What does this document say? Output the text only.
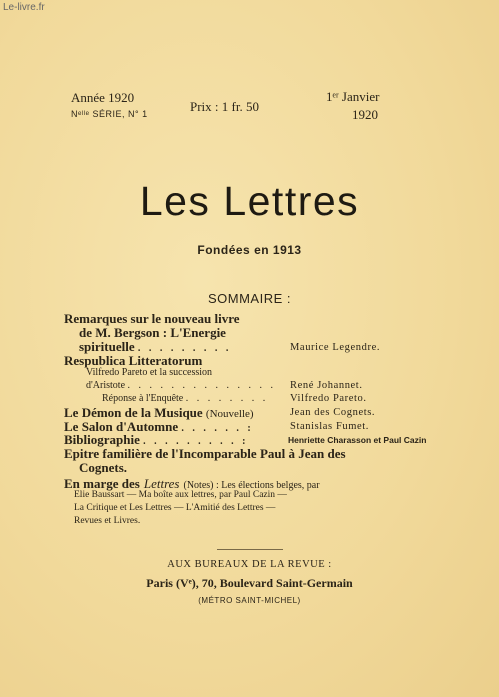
Le-livre.fr
Année 1920
Nᵉˡˡᵉ SÉRIE, N° 1	Prix : 1 fr. 50
1ᵉʳ Janvier
1920
Les Lettres
Fondées en 1913
SOMMAIRE :
Remarques sur le nouveau livre
de M. Bergson : L'Energie
spirituelle . . . . . . . . .	Maurice Legendre.
Respublica Litteratorum
Vilfredo Pareto et la succession
d'Aristote . . . . . . . . . . . . . . René Johannet.
Réponse à l'Enquête . . . . . . . . Vilfredo Pareto.
Le Démon de la Musique (Nouvelle)	Jean des Cognets.
Le Salon d'Automne . . . . . . :	Stanislas Fumet.
Bibliographie . . . . . . . . . :	Henriette Charasson et Paul Cazin
Epitre familière de l'Incomparable Paul à Jean des
Cognets.
En marge des Lettres (Notes) : Les élections belges, par
Elie Baussart — Ma boîte aux lettres, par Paul Cazin —
La Critique et Les Lettres — L'Amitié des Lettres —
Revues et Livres.
AUX BUREAUX DE LA REVUE :
Paris (Vᵉ), 70, Boulevard Saint-Germain
(MÉTRO SAINT-MICHEL)
